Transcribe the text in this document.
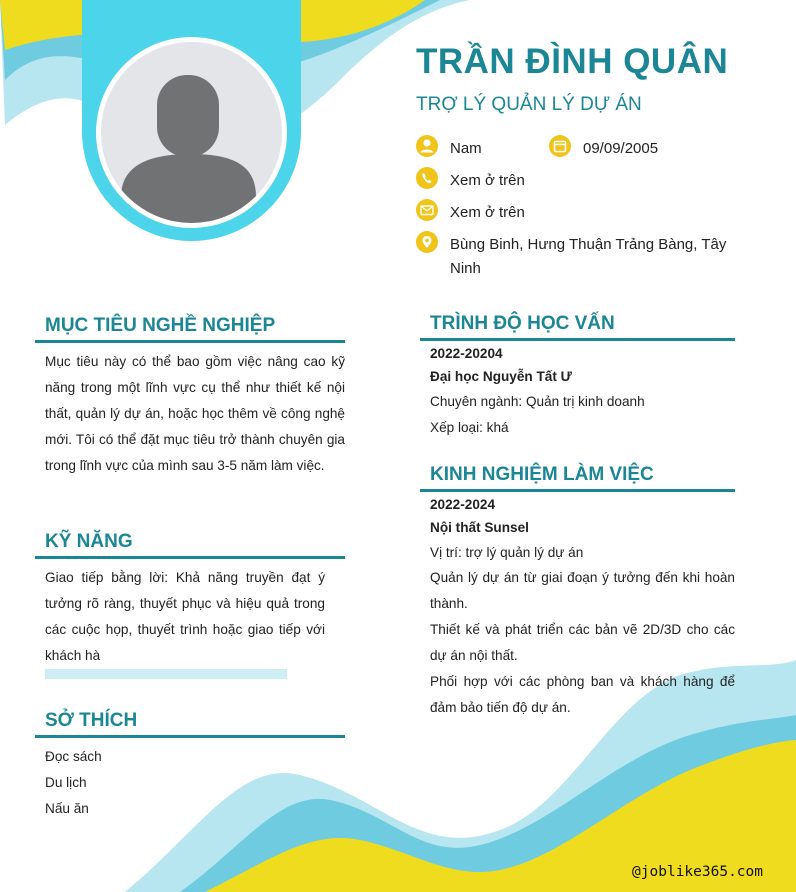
TRẦN ĐÌNH QUÂN
TRỢ LÝ QUẢN LÝ DỰ ÁN
Nam	09/09/2005
Xem ở trên
Xem ở trên
Bùng Binh, Hưng Thuận Trảng Bàng, Tây
Ninh
MỤC TIÊU NGHỀ NGHIỆP
Mục tiêu này có thể bao gồm việc nâng cao kỹ năng trong một lĩnh vực cụ thể như thiết kế nội thất, quản lý dự án, hoặc học thêm về công nghệ mới. Tôi có thể đặt mục tiêu trở thành chuyên gia trong lĩnh vực của mình sau 3-5 năm làm việc.
KỸ NĂNG
Giao tiếp bằng lời: Khả năng truyền đạt ý tưởng rõ ràng, thuyết phục và hiệu quả trong các cuộc họp, thuyết trình hoặc giao tiếp với khách hà
SỞ THÍCH
Đọc sách
Du lịch
Nấu ăn
TRÌNH ĐỘ HỌC VẤN
2022-20204
Đại học Nguyễn Tất Ư
Chuyên ngành: Quản trị kinh doanh
Xếp loại: khá
KINH NGHIỆM LÀM VIỆC
2022-2024
Nội thất Sunsel
Vị trí: trợ lý quản lý dự án
Quản lý dự án từ giai đoạn ý tưởng đến khi hoàn thành.
Thiết kế và phát triển các bản vẽ 2D/3D cho các dự án nội thất.
Phối hợp với các phòng ban và khách hàng để đảm bảo tiến độ dự án.
@joblike365.com
